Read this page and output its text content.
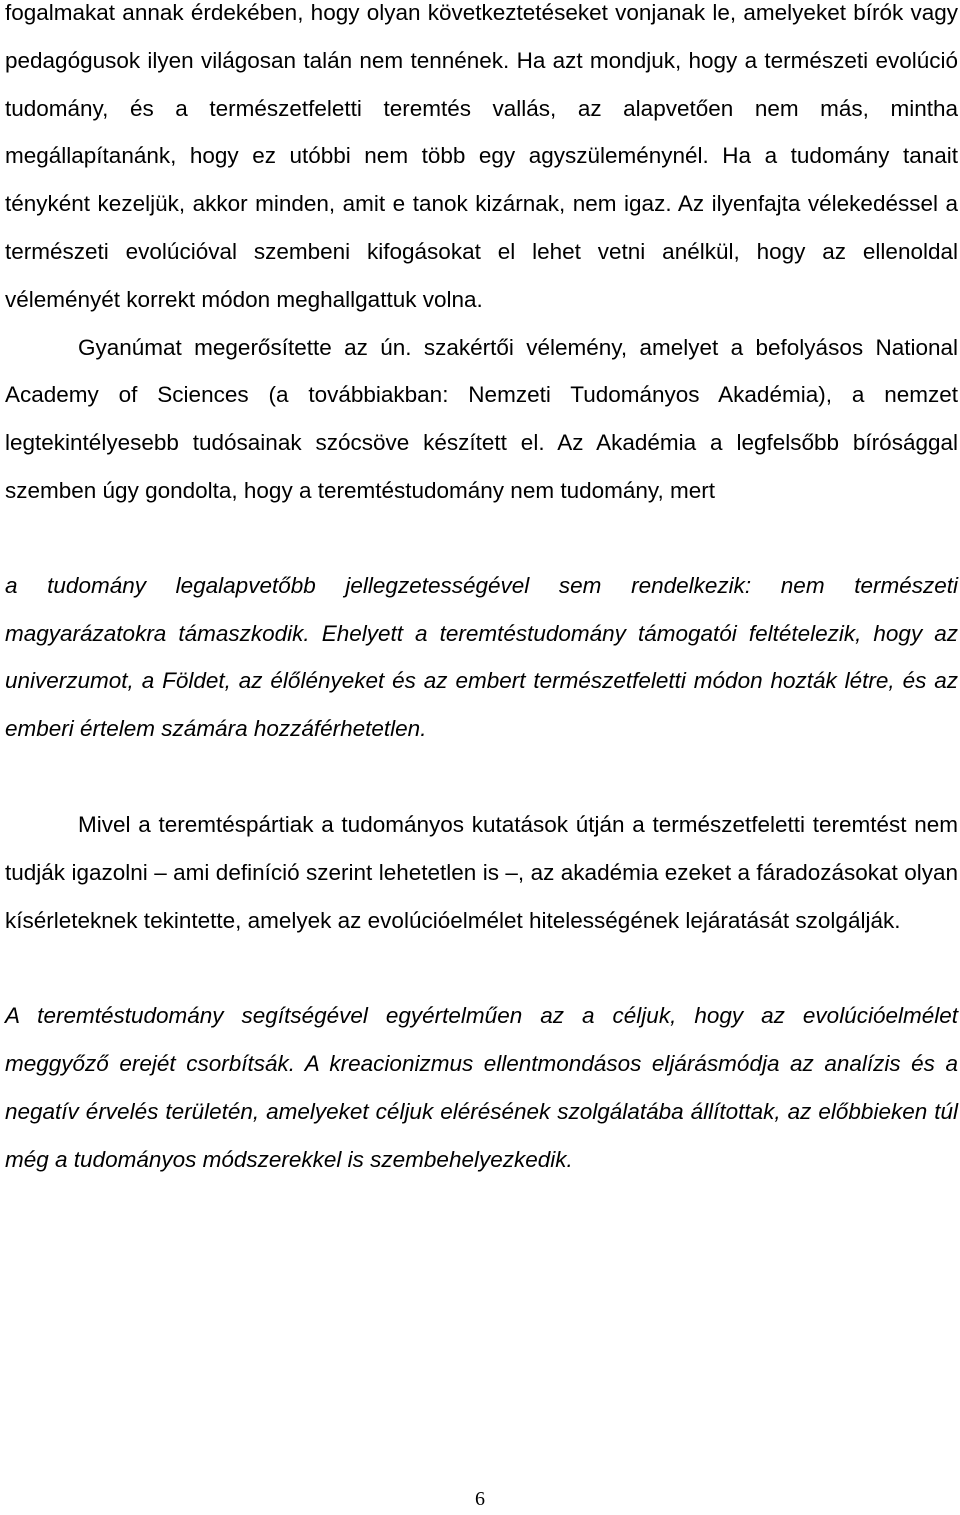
fogalmakat annak érdekében, hogy olyan következtetéseket vonjanak le, amelyeket bírók vagy pedagógusok ilyen világosan talán nem tennének. Ha azt mondjuk, hogy a természeti evolúció tudomány, és a természetfeletti teremtés vallás, az alapvetően nem más, mintha megállapítanánk, hogy ez utóbbi nem több egy agyszüleménynél. Ha a tudomány tanait tényként kezeljük, akkor minden, amit e tanok kizárnak, nem igaz. Az ilyenfajta vélekedéssel a természeti evolúcióval szembeni kifogásokat el lehet vetni anélkül, hogy az ellenoldal véleményét korrekt módon meghallgattuk volna.

Gyanúmat megerősítette az ún. szakértői vélemény, amelyet a befolyásos National Academy of Sciences (a továbbiakban: Nemzeti Tudományos Akadémia), a nemzet legtekintélyesebb tudósainak szócsöve készített el. Az Akadémia a legfelsőbb bírósággal szemben úgy gondolta, hogy a teremtéstudomány nem tudomány, mert

a tudomány legalapvetőbb jellegzetességével sem rendelkezik: nem természeti magyarázatokra támaszkodik. Ehelyett a teremtéstudomány támogatói feltételezik, hogy az univerzumot, a Földet, az élőlényeket és az embert természetfeletti módon hozták létre, és az emberi értelem számára hozzáférhetetlen.

Mivel a teremtéspártiak a tudományos kutatások útján a természetfeletti teremtést nem tudják igazolni – ami definíció szerint lehetetlen is –, az akadémia ezeket a fáradozásokat olyan kísérleteknek tekintette, amelyek az evolúcióelmélet hitelességének lejáratását szolgálják.

A teremtéstudomány segítségével egyértelműen az a céljuk, hogy az evolúcióelmélet meggyőző erejét csorbítsák. A kreacionizmus ellentmondásos eljárásmódja az analízis és a negatív érvelés területén, amelyeket céljuk elérésének szolgálatába állítottak, az előbbieken túl még a tudományos módszerekkel is szembehelyezkedik.

6
